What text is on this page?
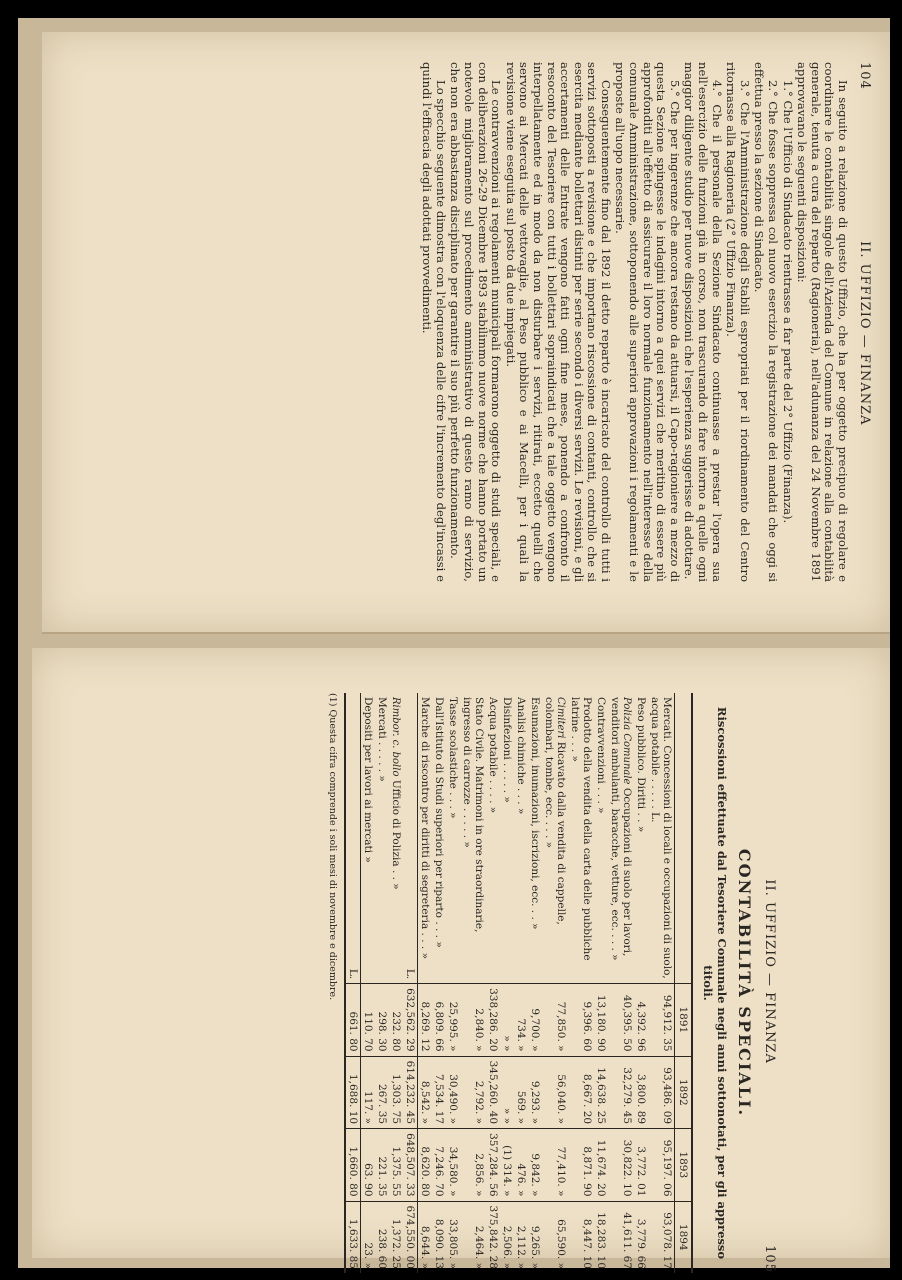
104
II. UFFIZIO — FINANZA

In seguito a relazione di questo Uffizio, che ha per oggetto precipuo di regolare e coordinare le contabilità singole dell'Azienda del Comune in relazione alla contabilità generale, tenuta a cura del reparto (Ragioneria), nell'adunanza del 24 Novembre 1891 approvavano le seguenti disposizioni:

1.° Che l'Ufficio di Sindacato rientrasse a far parte del 2° Uffizio (Finanza).

2.° Che fosse soppressa col nuovo esercizio la registrazione dei mandati che oggi si effettua presso la sezione di Sindacato.

3.° Che l'Amministrazione degli Stabili espropriati per il riordinamento del Centro ritornasse alla Ragioneria (2° Uffizio Finanza).

4.° Che il personale della Sezione Sindacato continuasse a prestar l'opera sua nell'esercizio delle funzioni già in corso, non trascurando di fare intorno a quelle ogni maggior diligente studio per nuove disposizioni che l'esperienza suggerisse di adottare.

5.° Che per ingerenze che ancora restano da attuarsi, il Capo-ragioniere a mezzo di questa Sezione spingesse le indagini intorno a quei servizi che meritino di essere più approfonditi all'effetto di assicurare il loro normale funzionamento nell'interesse della comunale Amministrazione, sottoponendo alle superiori approvazioni i regolamenti e le proposte all'uopo necessarie.

Conseguentemente fino dal 1892 il detto reparto è incaricato del controllo di tutti i servizi sottoposti a revisione e che importano riscossione di contanti, controllo che si esercita mediante bollettari distinti per serie secondo i diversi servizi. Le revisioni, e gli accertamenti delle Entrate vengono fatti ogni fine mese, ponendo a confronto il resoconto del Tesoriere con tutti i bollettari sopraindicati che a tale oggetto vengono interpellatamente ed in modo da non disturbare i servizi, ritirati, eccetto quelli che servono ai Mercati delle vettovaglie, al Peso pubblico e ai Macelli, per i quali la revisione viene eseguita sul posto da due impiegati.

Le contravvenzioni ai regolamenti municipali formarono oggetto di studi speciali, e con deliberazioni 26-29 Dicembre 1893 stabilimmo nuove norme che hanno portato un notevole miglioramento sul procedimento amministrativo di questo ramo di servizio, che non era abbastanza disciplinato per garantire il suo più perfetto funzionamento.

Lo specchio seguente dimostra con l'eloquenza delle cifre l'incremento degl'incassi e quindi l'efficacia degli adottati provvedimenti.

II. UFFIZIO — FINANZA
105
CONTABILITÀ SPECIALI.
Riscossioni effettuate dal Tesoriere Comunale negli anni sottonotati, per gli appresso titoli.
	1891	1892	1893	1894
Mercati. Concessioni di locali e occupazioni di suolo, acqua potabile . . . . . L.	94,912. 35	93,486. 09	95,197. 06	93,078. 17
Peso pubblico. Diritti . . »	4,392. 96	3,800. 89	3,772. 01	3,779. 66
Polizia Comunale Occupazioni di suolo per lavori, venditori ambulanti, baracche, vetture, ecc. . . . »	40,395. 50	32,279. 45	30,822. 10	41,611. 67
Contravvenzioni . . . »	13,180. 90	14,638. 25	11,674. 20	18,283. 10
Prodotto della vendita della carta delle pubbliche latrine . . . »	9,396. 60	8,667. 20	8,871. 90	8,447. 10
Cimiteri Ricavato dalla vendita di cappelle, colombari, tombe, ecc. . . . »	77,850. »	56,040. »	77,410. »	65,590. »
Esumazioni, inumazioni, iscrizioni, ecc. . . »	9,700. »	9,293. »	9,842. »	9,265. »
Analisi chimiche . . . »	734. »	569. »	476. »	2,112. »
Disinfezioni . . . . . »	» »	» »	(1) 314. »	2,506. »
Acqua potabile . . . . »	338,286. 20	345,260. 40	357,284. 56	375,842. 28
Stato Civile. Matrimoni in ore straordinarie, ingresso di carrozze . . . . . »	2,840. »	2,792. »	2,856. »	2,464. »
Tasse scolastiche . . . »	25,995. »	30,490. »	34,580. »	33,805. »
Dall'Istituto di Studi superiori per riparto . . . »	6,809. 66	7,534. 17	7,246. 70	8,090. 13
Marche di riscontro per diritti di segreteria . . . »	8,269. 12	8,542. »	8,620. 80	8,644. »
L.	632,562. 29	614,232. 45	648,507. 33	674,550. 00
Rimbor. c. bollo Ufficio di Polizia . . »	232. 80	1,303. 75	1,375. 55	1,372. 25
Mercati . . . . . »	298. 30	267. 35	221. 35	238. 60
Depositi per lavori ai mercati »	110. 70	117. »	63. 90	23. »
L.	661. 80	1,688. 10	1,660. 80	1,633. 85
(1) Questa cifra comprende i soli mesi di novembre e dicembre.
